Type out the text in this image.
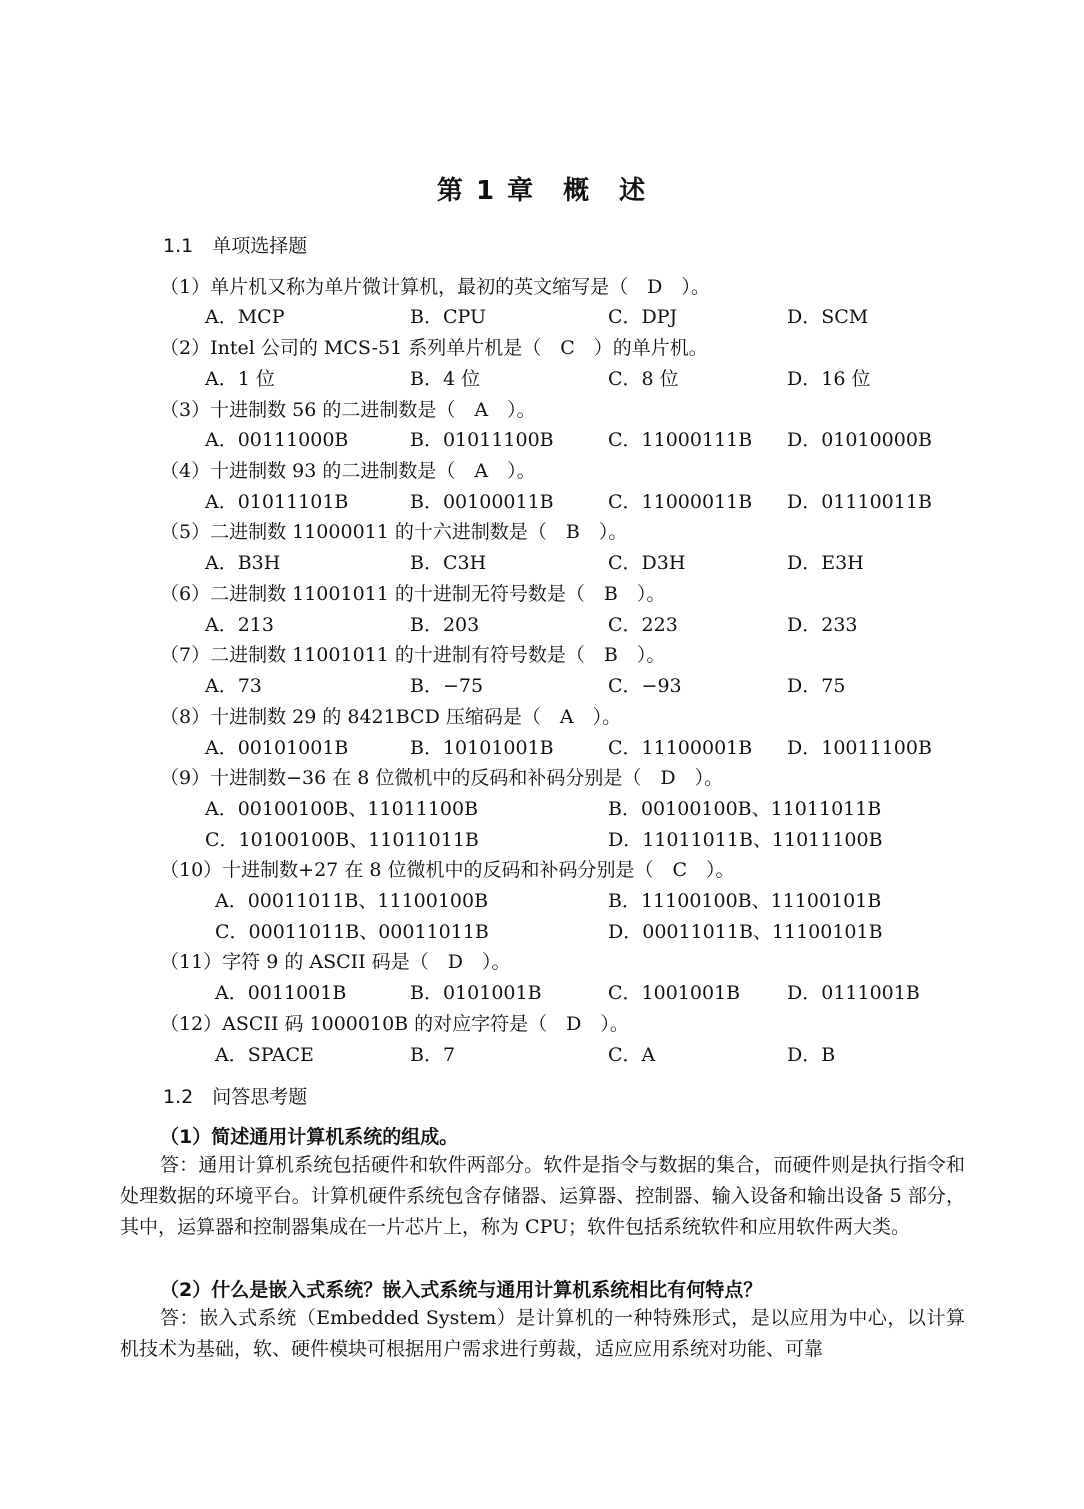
第 1 章　概　述
1.1　单项选择题
（1）单片机又称为单片微计算机，最初的英文缩写是（　D　）。
A．MCP	B．CPU	C．DPJ	D．SCM
（2）Intel 公司的 MCS-51 系列单片机是（　C　）的单片机。
A．1 位	B．4 位	C．8 位	D．16 位
（3）十进制数 56 的二进制数是（　A　）。
A．00111000B	B．01011100B	C．11000111B D．01010000B
（4）十进制数 93 的二进制数是（　A　）。
A．01011101B	B．00100011B	C．11000011B D．01110011B
（5）二进制数 11000011 的十六进制数是（　B　）。
A．B3H	B．C3H	C．D3H	D．E3H
（6）二进制数 11001011 的十进制无符号数是（　B　）。
A．213	B．203	C．223	D．233
（7）二进制数 11001011 的十进制有符号数是（　B　）。
A．73	B．−75	C．−93	D．75
（8）十进制数 29 的 8421BCD 压缩码是（　A　）。
A．00101001B	B．10101001B	C．11100001B D．10011100B
（9）十进制数−36 在 8 位微机中的反码和补码分别是（　D　）。
A．00100100B、11011100B	B．00100100B、11011011B
C．10100100B、11011011B	D．11011011B、11011100B
（10）十进制数+27 在 8 位微机中的反码和补码分别是（　C　）。
A．00011011B、11100100B	B．11100100B、11100101B
C．00011011B、00011011B	D．00011011B、11100101B
（11）字符 9 的 ASCII 码是（　D　）。
A．0011001B	B．0101001B	C．1001001B D．0111001B
（12）ASCII 码 1000010B 的对应字符是（　D　）。
A．SPACE	B．7	C．A	D．B
1.2　问答思考题
（1）简述通用计算机系统的组成。
答：通用计算机系统包括硬件和软件两部分。软件是指令与数据的集合，而硬件则是执行指令和处理数据的环境平台。计算机硬件系统包含存储器、运算器、控制器、输入设备和输出设备 5 部分，其中，运算器和控制器集成在一片芯片上，称为 CPU；软件包括系统软件和应用软件两大类。
（2）什么是嵌入式系统？嵌入式系统与通用计算机系统相比有何特点？
答：嵌入式系统（Embedded System）是计算机的一种特殊形式，是以应用为中心，以计算机技术为基础，软、硬件模块可根据用户需求进行剪裁，适应应用系统对功能、可靠
